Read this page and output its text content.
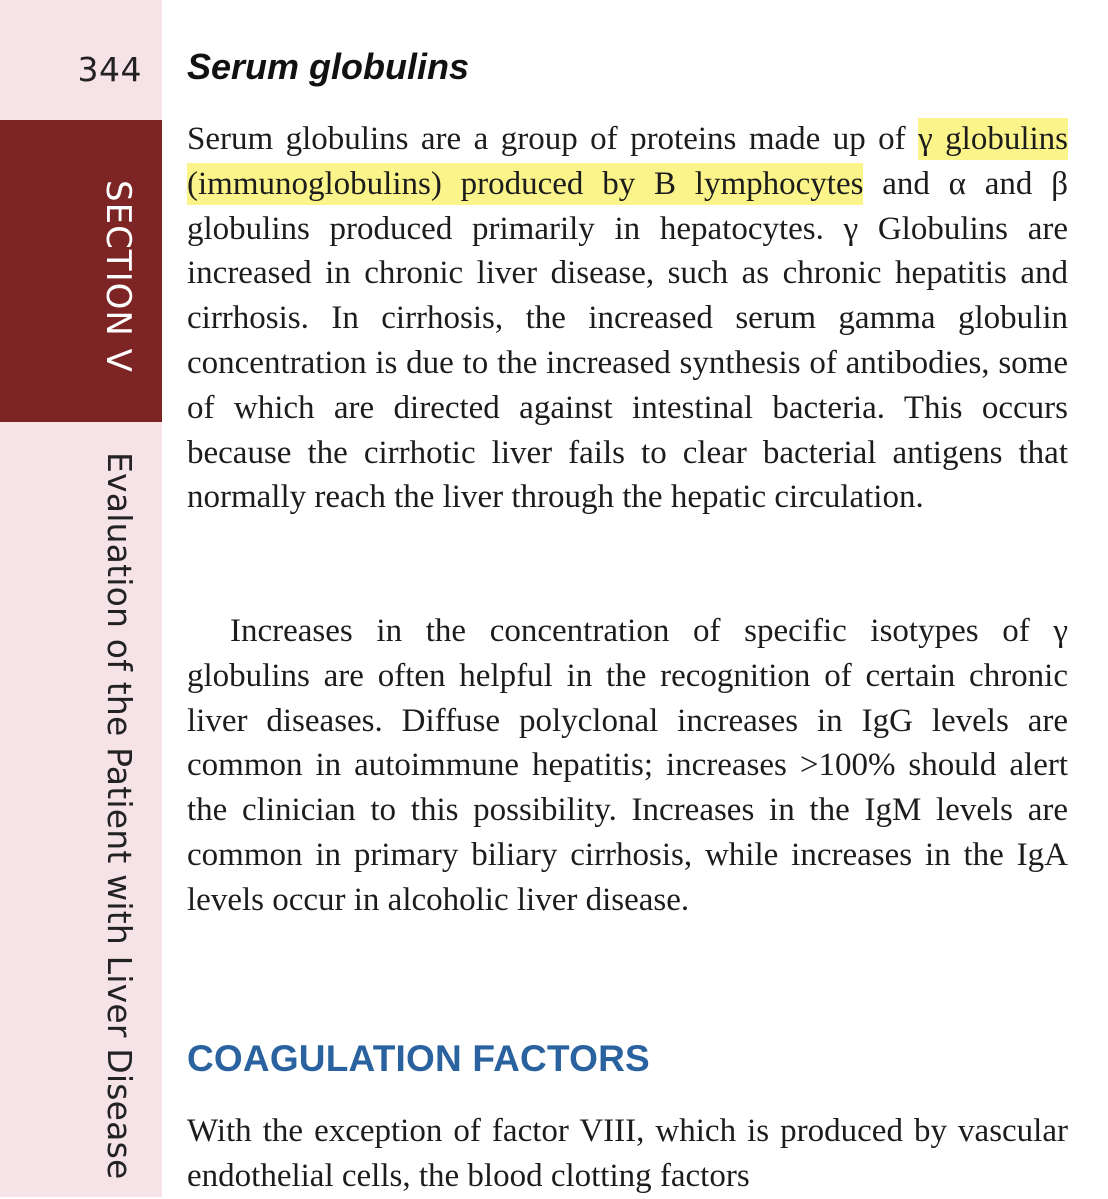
344
SECTION V
Evaluation of the Patient with Liver Disease
Serum globulins

Serum globulins are a group of proteins made up of γ globulins (immunoglobulins) produced by B lymphocytes and α and β globulins produced primarily in hepatocytes. γ Globulins are increased in chronic liver disease, such as chronic hepatitis and cirrhosis. In cirrhosis, the increased serum gamma globulin concentration is due to the increased synthesis of antibodies, some of which are directed against intestinal bacteria. This occurs because the cirrhotic liver fails to clear bacterial antigens that normally reach the liver through the hepatic circulation.

Increases in the concentration of specific isotypes of γ globulins are often helpful in the recognition of certain chronic liver diseases. Diffuse polyclonal increases in IgG levels are common in autoimmune hepatitis; increases >100% should alert the clinician to this possibility. Increases in the IgM levels are common in primary biliary cirrhosis, while increases in the IgA levels occur in alcoholic liver disease.

COAGULATION FACTORS

With the exception of factor VIII, which is produced by vascular endothelial cells, the blood clotting factors
